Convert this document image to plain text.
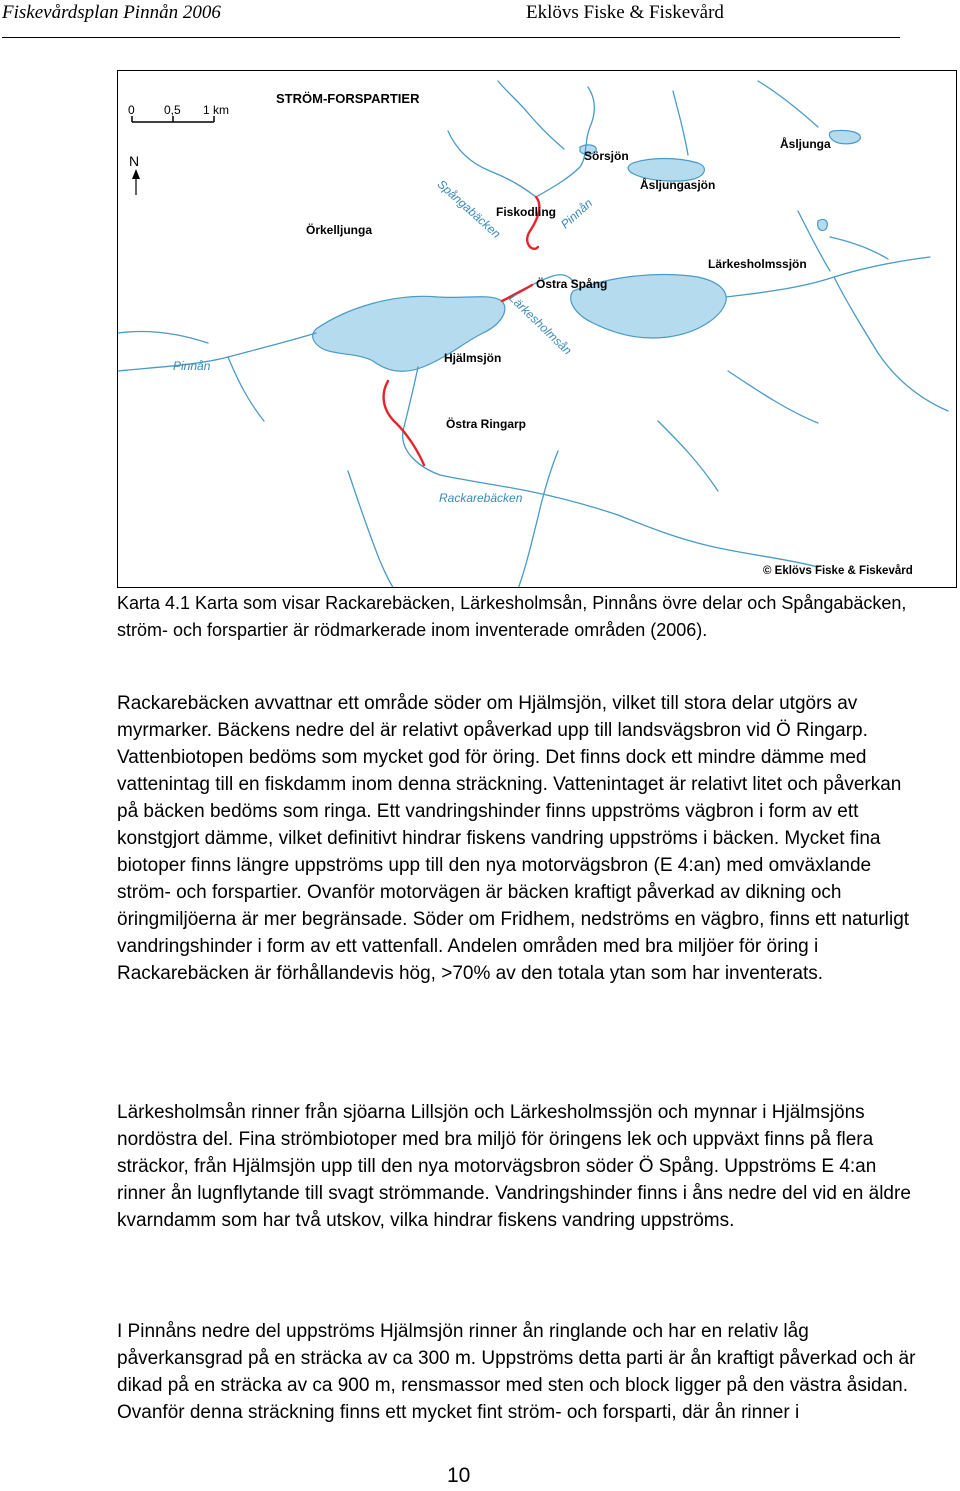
Fiskevårdsplan Pinnån 2006	Eklövs Fiske & Fiskevård
0 0,5 1 km
STRÖM-FORSPARTIER
N	Sörsjön
Åsljunga
Åsljungasjön
Örkelljunga
Fiskodling
Spångabäcken	Pinnån
Lärkesholmssjön
Östra Spång
Lärkesholmsån
Hjälmsjön
Pinnån
Östra Ringarp
Rackarebäcken
© Eklövs Fiske & Fiskevård

Karta 4.1 Karta som visar Rackarebäcken, Lärkesholmsån, Pinnåns övre delar och Spångabäcken, ström- och forspartier är rödmarkerade inom inventerade områden (2006).

Rackarebäcken avvattnar ett område söder om Hjälmsjön, vilket till stora delar utgörs av myrmarker. Bäckens nedre del är relativt opåverkad upp till landsvägsbron vid Ö Ringarp. Vattenbiotopen bedöms som mycket god för öring. Det finns dock ett mindre dämme med vattenintag till en fiskdamm inom denna sträckning. Vattenintaget är relativt litet och påverkan på bäcken bedöms som ringa. Ett vandringshinder finns uppströms vägbron i form av ett konstgjort dämme, vilket definitivt hindrar fiskens vandring uppströms i bäcken. Mycket fina biotoper finns längre uppströms upp till den nya motorvägsbron (E 4:an) med omväxlande ström- och forspartier. Ovanför motorvägen är bäcken kraftigt påverkad av dikning och öringmiljöerna är mer begränsade. Söder om Fridhem, nedströms en vägbro, finns ett naturligt vandringshinder i form av ett vattenfall. Andelen områden med bra miljöer för öring i Rackarebäcken är förhållandevis hög, >70% av den totala ytan som har inventerats.

Lärkesholmsån rinner från sjöarna Lillsjön och Lärkesholmssjön och mynnar i Hjälmsjöns nordöstra del. Fina strömbiotoper med bra miljö för öringens lek och uppväxt finns på flera sträckor, från Hjälmsjön upp till den nya motorvägsbron söder Ö Spång. Uppströms E 4:an rinner ån lugnflytande till svagt strömmande. Vandringshinder finns i åns nedre del vid en äldre kvarndamm som har två utskov, vilka hindrar fiskens vandring uppströms.

I Pinnåns nedre del uppströms Hjälmsjön rinner ån ringlande och har en relativ låg påverkansgrad på en sträcka av ca 300 m. Uppströms detta parti är ån kraftigt påverkad och är dikad på en sträcka av ca 900 m, rensmassor med sten och block ligger på den västra åsidan. Ovanför denna sträckning finns ett mycket fint ström- och forsparti, där ån rinner i

10
